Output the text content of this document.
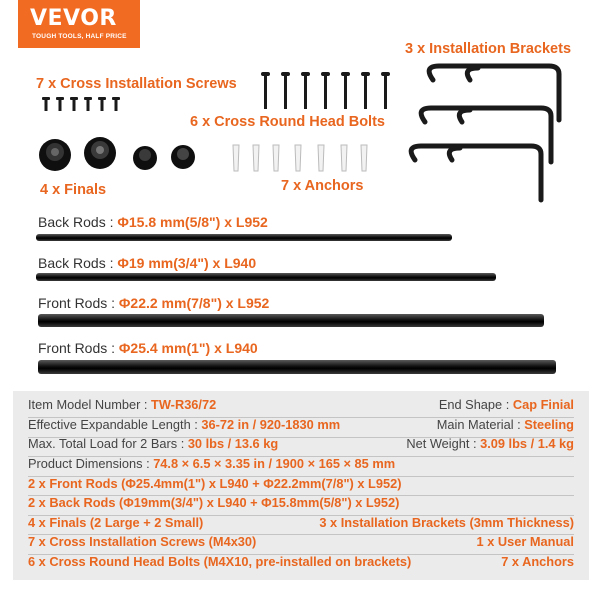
VEVOR
TOUGH TOOLS, HALF PRICE
3 x Installation Brackets
7 x Cross Installation Screws
6 x Cross Round Head Bolts
4 x Finals	7 x Anchors
Back Rods : Φ15.8 mm(5/8") x L952
Back Rods : Φ19 mm(3/4") x L940
Front Rods : Φ22.2 mm(7/8") x L952
Front Rods : Φ25.4 mm(1") x L940
Item Model Number : TW-R36/72	End Shape : Cap Finial
Effective Expandable Length : 36-72 in / 920-1830 mm	Main Material : Steeling
Max. Total Load for 2 Bars : 30 lbs / 13.6 kg	Net Weight : 3.09 lbs / 1.4 kg
Product Dimensions : 74.8 × 6.5 × 3.35 in / 1900 × 165 × 85 mm
2 x Front Rods (Φ25.4mm(1") x L940 + Φ22.2mm(7/8") x L952)
2 x Back Rods (Φ19mm(3/4") x L940 + Φ15.8mm(5/8") x L952)
4 x Finals (2 Large + 2 Small)	3 x Installation Brackets (3mm Thickness)
7 x Cross Installation Screws (M4x30)	1 x User Manual
6 x Cross Round Head Bolts (M4X10, pre-installed on brackets)	7 x Anchors
